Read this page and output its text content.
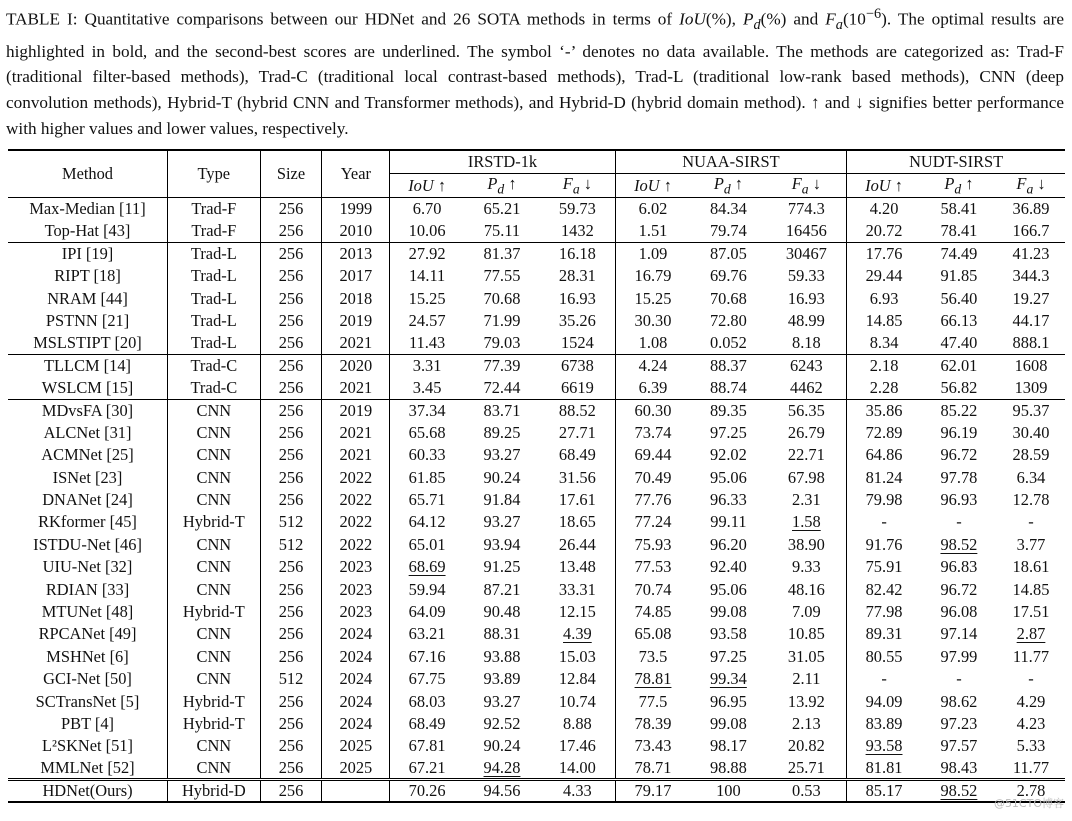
TABLE I: Quantitative comparisons between our HDNet and 26 SOTA methods in terms of IoU(%), $P_d(\%)$ and $F_a(10^{-6})$. The optimal results are highlighted in bold, and the second-best scores are underlined. The symbol ‘-’ denotes no data available. The methods are categorized as: Trad-F (traditional filter-based methods), Trad-C (traditional local contrast-based methods), Trad-L (traditional low-rank based methods), CNN (deep convolution methods), Hybrid-T (hybrid CNN and Transformer methods), and Hybrid-D (hybrid domain method). ↑ and ↓ signifies better performance with higher values and lower values, respectively.
Method	Type	Size	Year	IRSTD-1k			NUAA-SIRST			NUDT-SIRST		
				IoU ↑	$P_d$ ↑	$F_a$ ↓	IoU ↑	$P_d$ ↑	$F_a$ ↓	IoU ↑	$P_d$ ↑	$F_a$ ↓
Max-Median [11]	Trad-F	256	1999	6.70	65.21	59.73	6.02	84.34	774.3	4.20	58.41	36.89
Top-Hat [43]	Trad-F	256	2010	10.06	75.11	1432	1.51	79.74	16456	20.72	78.41	166.7
IPI [19]	Trad-L	256	2013	27.92	81.37	16.18	1.09	87.05	30467	17.76	74.49	41.23
RIPT [18]	Trad-L	256	2017	14.11	77.55	28.31	16.79	69.76	59.33	29.44	91.85	344.3
NRAM [44]	Trad-L	256	2018	15.25	70.68	16.93	15.25	70.68	16.93	6.93	56.40	19.27
PSTNN [21]	Trad-L	256	2019	24.57	71.99	35.26	30.30	72.80	48.99	14.85	66.13	44.17
MSLSTIPT [20]	Trad-L	256	2021	11.43	79.03	1524	1.08	0.052	8.18	8.34	47.40	888.1
TLLCM [14]	Trad-C	256	2020	3.31	77.39	6738	4.24	88.37	6243	2.18	62.01	1608
WSLCM [15]	Trad-C	256	2021	3.45	72.44	6619	6.39	88.74	4462	2.28	56.82	1309
MDvsFA [30]	CNN	256	2019	37.34	83.71	88.52	60.30	89.35	56.35	35.86	85.22	95.37
ALCNet [31]	CNN	256	2021	65.68	89.25	27.71	73.74	97.25	26.79	72.89	96.19	30.40
ACMNet [25]	CNN	256	2021	60.33	93.27	68.49	69.44	92.02	22.71	64.86	96.72	28.59
ISNet [23]	CNN	256	2022	61.85	90.24	31.56	70.49	95.06	67.98	81.24	97.78	6.34
DNANet [24]	CNN	256	2022	65.71	91.84	17.61	77.76	96.33	2.31	79.98	96.93	12.78
RKformer [45]	Hybrid-T	512	2022	64.12	93.27	18.65	77.24	99.11	1.58	-	-	-
ISTDU-Net [46]	CNN	512	2022	65.01	93.94	26.44	75.93	96.20	38.90	91.76	98.52	3.77
UIU-Net [32]	CNN	256	2023	68.69	91.25	13.48	77.53	92.40	9.33	75.91	96.83	18.61
RDIAN [33]	CNN	256	2023	59.94	87.21	33.31	70.74	95.06	48.16	82.42	96.72	14.85
MTUNet [48]	Hybrid-T	256	2023	64.09	90.48	12.15	74.85	99.08	7.09	77.98	96.08	17.51
RPCANet [49]	CNN	256	2024	63.21	88.31	4.39	65.08	93.58	10.85	89.31	97.14	2.87
MSHNet [6]	CNN	256	2024	67.16	93.88	15.03	73.5	97.25	31.05	80.55	97.99	11.77
GCI-Net [50]	CNN	512	2024	67.75	93.89	12.84	78.81	99.34	2.11	-	-	-
SCTransNet [5]	Hybrid-T	256	2024	68.03	93.27	10.74	77.5	96.95	13.92	94.09	98.62	4.29
PBT [4]	Hybrid-T	256	2024	68.49	92.52	8.88	78.39	99.08	2.13	83.89	97.23	4.23
L²SKNet [51]	CNN	256	2025	67.81	90.24	17.46	73.43	98.17	20.82	93.58	97.57	5.33
MMLNet [52]	CNN	256	2025	67.21	94.28	14.00	78.71	98.88	25.71	81.81	98.43	11.77
HDNet(Ours)	Hybrid-D	256		70.26	94.56	4.33	79.17	100	0.53	85.17	98.52	2.78
@51CTO博客
